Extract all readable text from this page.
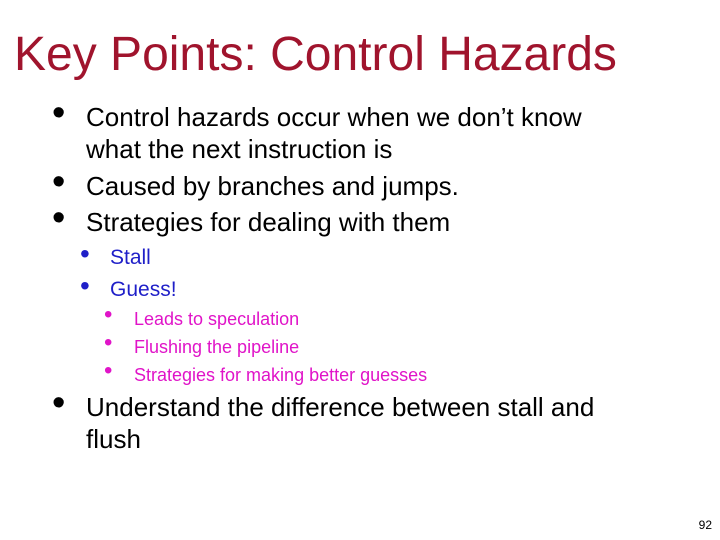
Key Points: Control Hazards
• Control hazards occur when we don’t know
what the next instruction is
• Caused by branches and jumps.
• Strategies for dealing with them
• Stall
• Guess!
• Leads to speculation
• Flushing the pipeline
• Strategies for making better guesses
• Understand the difference between stall and
flush
92
